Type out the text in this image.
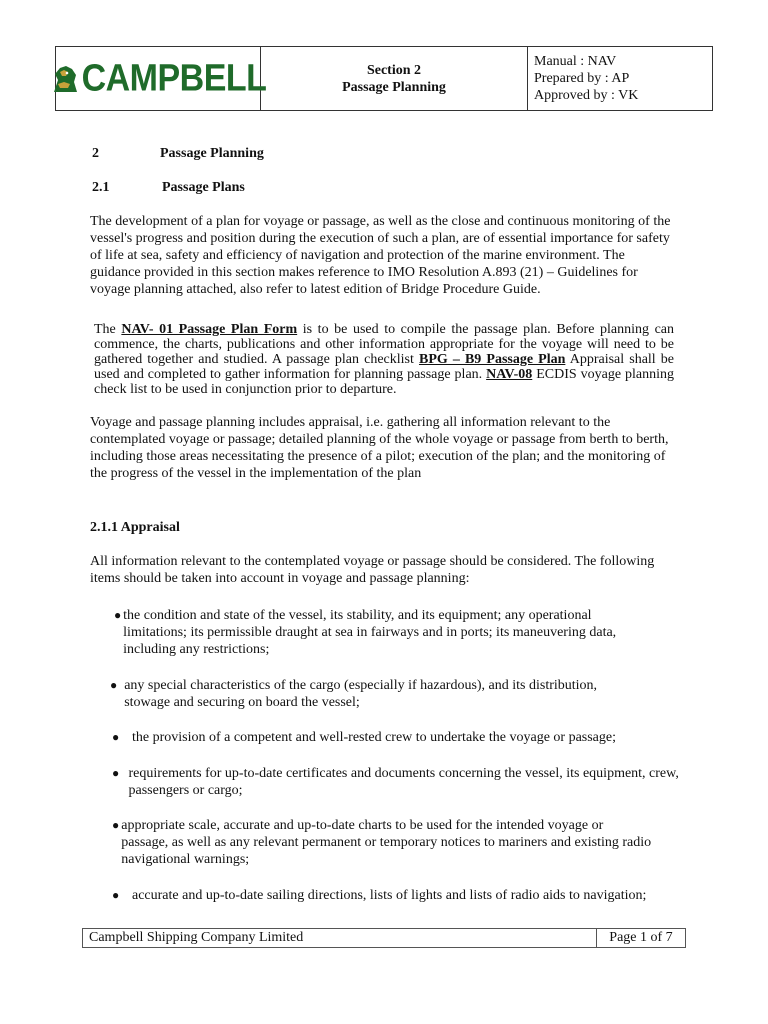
CAMPBELL	Section 2
Passage Planning
Manual : NAV
Prepared by : AP
Approved by : VK
2	Passage Planning
2.1	Passage Plans
The development of a plan for voyage or passage, as well as the close and continuous monitoring of the vessel's progress and position during the execution of such a plan, are of essential importance for safety of life at sea, safety and efficiency of navigation and protection of the marine environment. The guidance provided in this section makes reference to IMO Resolution A.893 (21) – Guidelines for voyage planning attached, also refer to latest edition of Bridge Procedure Guide.
The NAV- 01 Passage Plan Form is to be used to compile the passage plan. Before planning can commence, the charts, publications and other information appropriate for the voyage will need to be gathered together and studied. A passage plan checklist BPG – B9 Passage Plan Appraisal shall be used and completed to gather information for planning passage plan. NAV-08 ECDIS voyage planning check list to be used in conjunction prior to departure.
Voyage and passage planning includes appraisal, i.e. gathering all information relevant to the contemplated voyage or passage; detailed planning of the whole voyage or passage from berth to berth, including those areas necessitating the presence of a pilot; execution of the plan; and the monitoring of the progress of the vessel in the implementation of the plan
2.1.1 Appraisal
All information relevant to the contemplated voyage or passage should be considered. The following items should be taken into account in voyage and passage planning:
● the condition and state of the vessel, its stability, and its equipment; any operational limitations; its permissible draught at sea in fairways and in ports; its maneuvering data, including any restrictions;
● any special characteristics of the cargo (especially if hazardous), and its distribution, stowage and securing on board the vessel;
● the provision of a competent and well-rested crew to undertake the voyage or passage;
● requirements for up-to-date certificates and documents concerning the vessel, its equipment, crew, passengers or cargo;
● appropriate scale, accurate and up-to-date charts to be used for the intended voyage or passage, as well as any relevant permanent or temporary notices to mariners and existing radio navigational warnings;
● accurate and up-to-date sailing directions, lists of lights and lists of radio aids to navigation;
Campbell Shipping Company Limited	Page 1 of 7
